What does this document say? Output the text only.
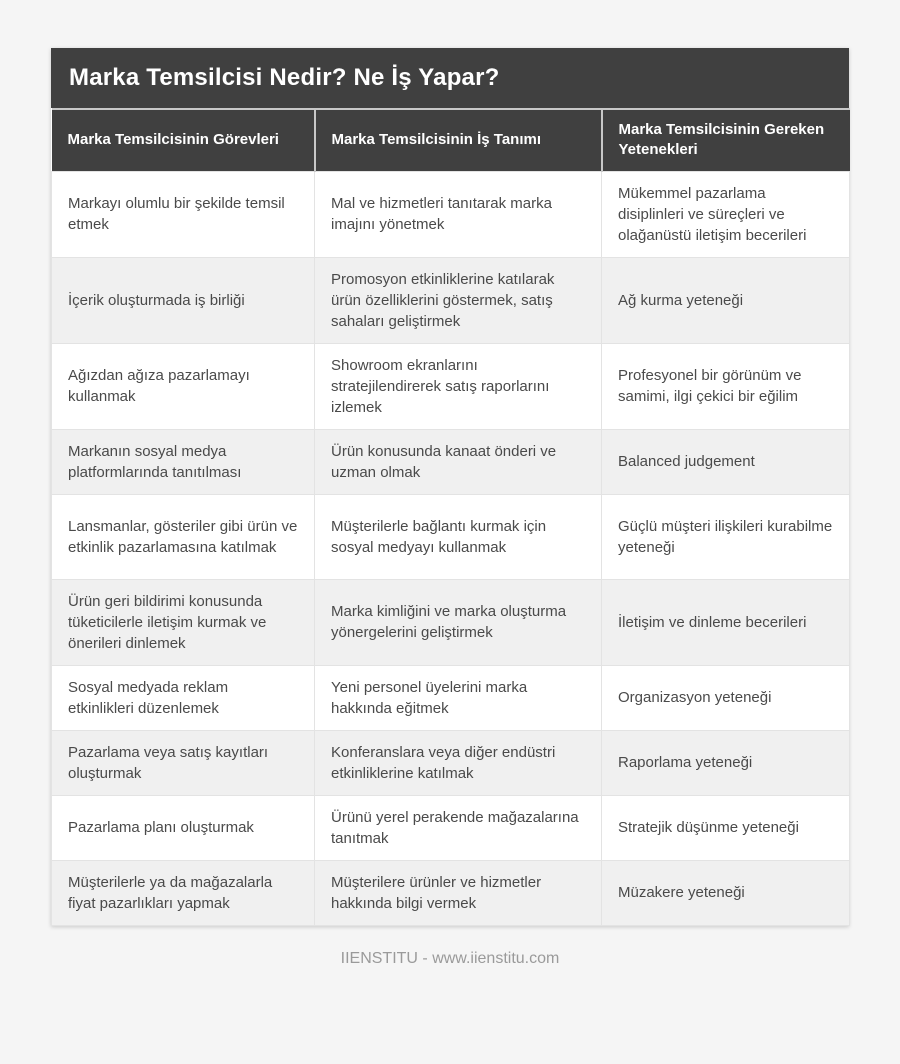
Marka Temsilcisi Nedir? Ne İş Yapar?
Marka Temsilcisinin Görevleri	Marka Temsilcisinin İş Tanımı	Marka Temsilcisinin Gereken Yetenekleri
Markayı olumlu bir şekilde temsil etmek	Mal ve hizmetleri tanıtarak marka imajını yönetmek	Mükemmel pazarlama disiplinleri ve süreçleri ve olağanüstü iletişim becerileri
İçerik oluşturmada iş birliği	Promosyon etkinliklerine katılarak ürün özelliklerini göstermek, satış sahaları geliştirmek	Ağ kurma yeteneği
Ağızdan ağıza pazarlamayı kullanmak	Showroom ekranlarını stratejilendirerek satış raporlarını izlemek	Profesyonel bir görünüm ve samimi, ilgi çekici bir eğilim
Markanın sosyal medya platformlarında tanıtılması	Ürün konusunda kanaat önderi ve uzman olmak	Balanced judgement
Lansmanlar, gösteriler gibi ürün ve etkinlik pazarlamasına katılmak	Müşterilerle bağlantı kurmak için sosyal medyayı kullanmak	Güçlü müşteri ilişkileri kurabilme yeteneği
Ürün geri bildirimi konusunda tüketicilerle iletişim kurmak ve önerileri dinlemek	Marka kimliğini ve marka oluşturma yönergelerini geliştirmek	İletişim ve dinleme becerileri
Sosyal medyada reklam etkinlikleri düzenlemek	Yeni personel üyelerini marka hakkında eğitmek	Organizasyon yeteneği
Pazarlama veya satış kayıtları oluşturmak	Konferanslara veya diğer endüstri etkinliklerine katılmak	Raporlama yeteneği
Pazarlama planı oluşturmak	Ürünü yerel perakende mağazalarına tanıtmak	Stratejik düşünme yeteneği
Müşterilerle ya da mağazalarla fiyat pazarlıkları yapmak	Müşterilere ürünler ve hizmetler hakkında bilgi vermek	Müzakere yeteneği
IIENSTITU - www.iienstitu.com
